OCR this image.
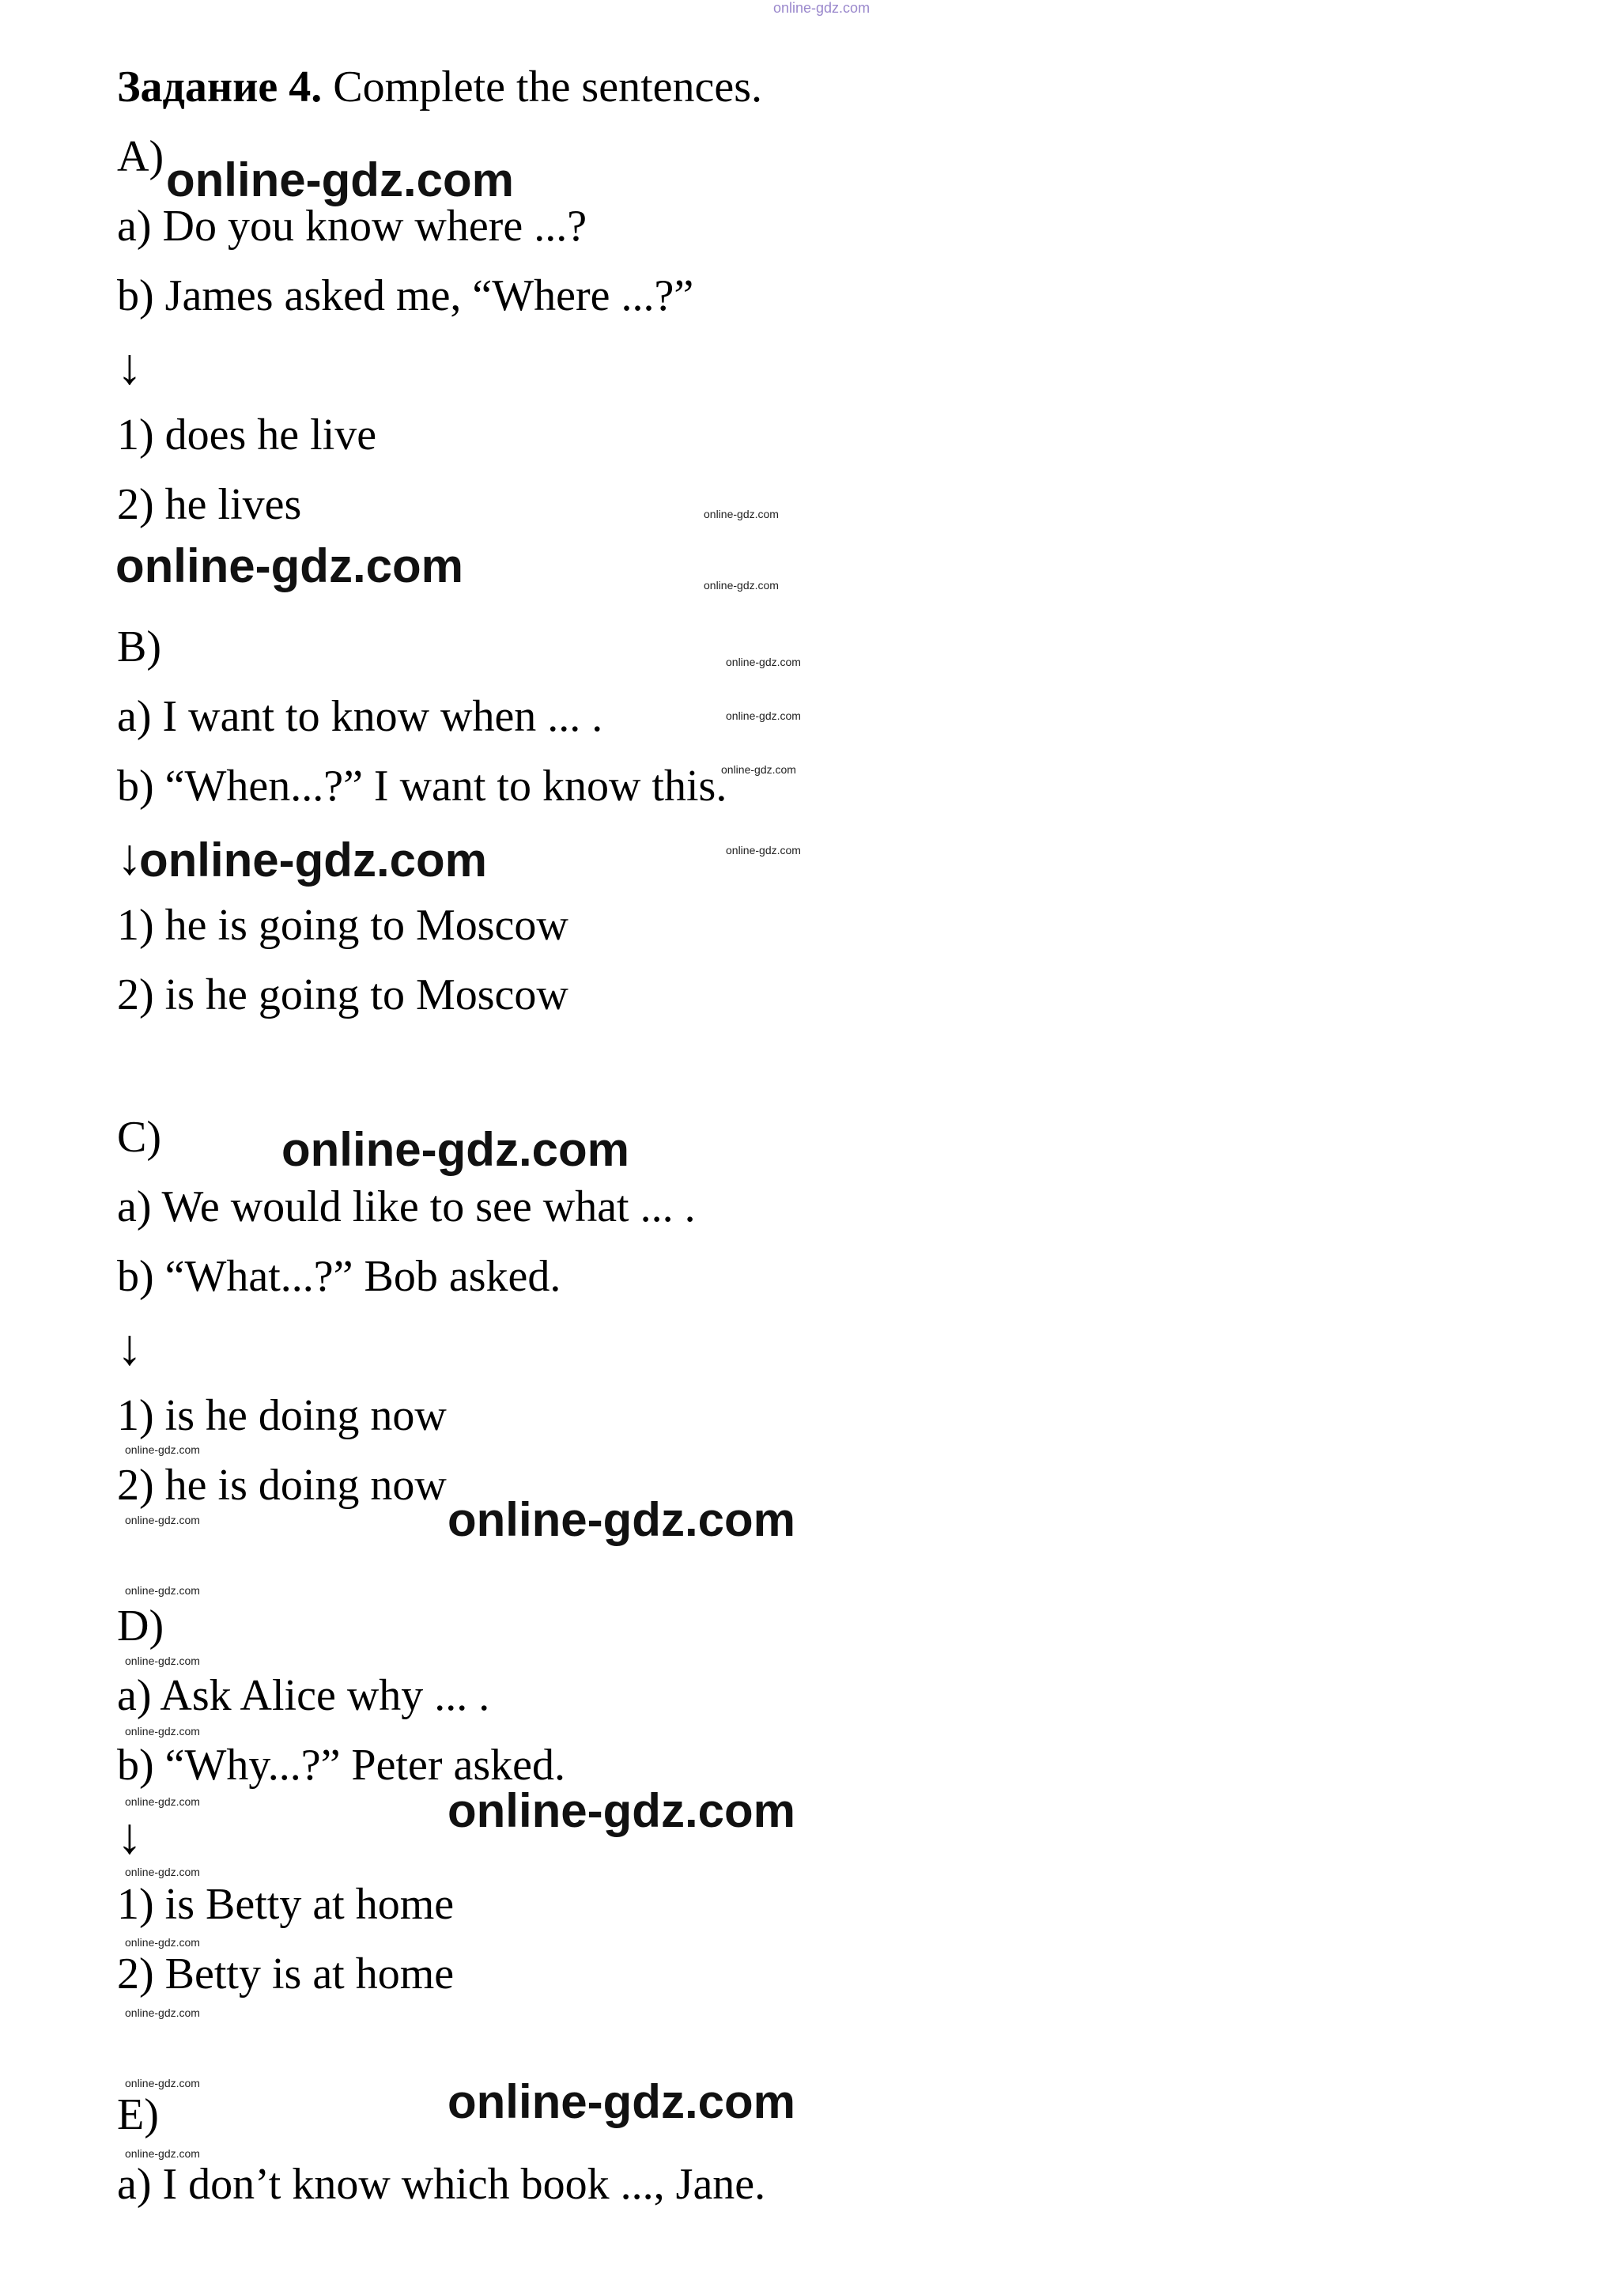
online-gdz.com
Задание 4. Complete the sentences.
A)
a) Do you know where ...?
b) James asked me, “Where ...?”
↓
1) does he live
2) he lives
B)
a) I want to know when ... .
b) “When...?” I want to know this.
↓
1) he is going to Moscow
2) is he going to Moscow
C)
a) We would like to see what ... .
b) “What...?” Bob asked.
↓
1) is he doing now
2) he is doing now
D)
a) Ask Alice why ... .
b) “Why...?” Peter asked.
↓
1) is Betty at home
2) Betty is at home
E)
a) I don’t know which book ..., Jane.
online-gdz.com
online-gdz.com
online-gdz.com
online-gdz.com
online-gdz.com
online-gdz.com
online-gdz.com
online-gdz.com
online-gdz.com
online-gdz.com
online-gdz.com
online-gdz.com
online-gdz.com
online-gdz.com
online-gdz.com
online-gdz.com
online-gdz.com
online-gdz.com
online-gdz.com
online-gdz.com
online-gdz.com
online-gdz.com
online-gdz.com
online-gdz.com
